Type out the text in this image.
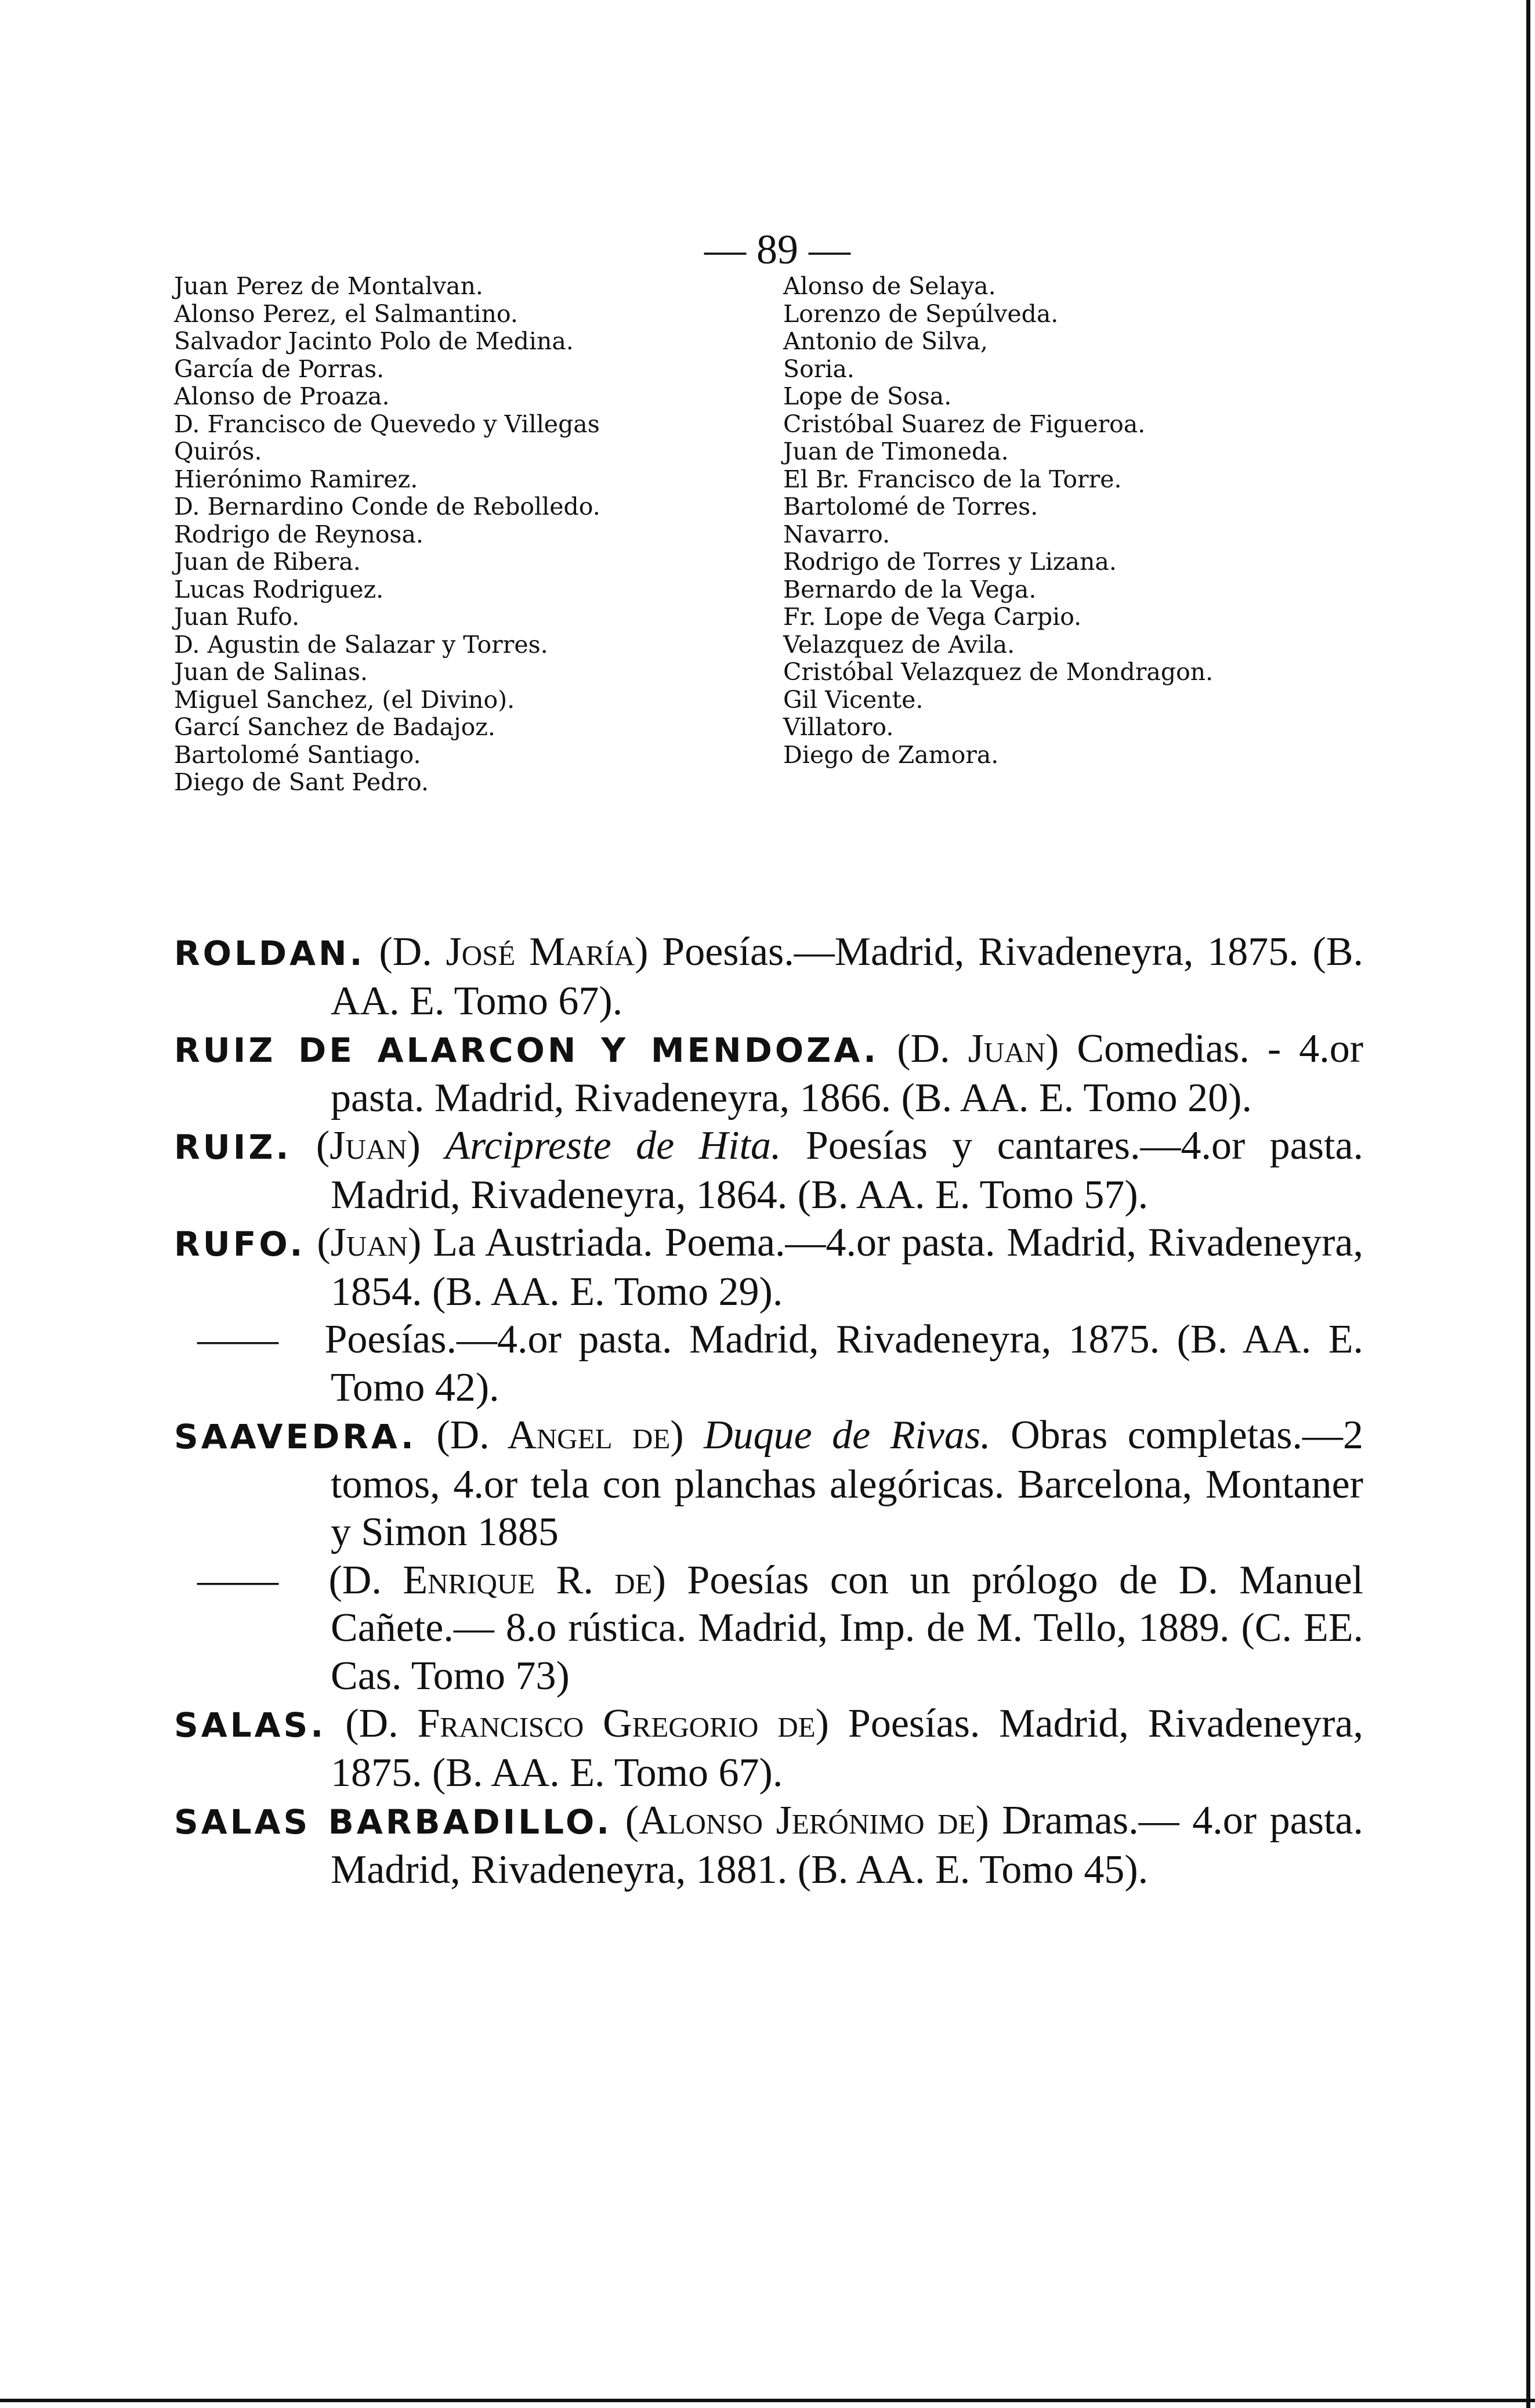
— 89 —
Juan Perez de Montalvan.
Alonso Perez, el Salmantino.
Salvador Jacinto Polo de Medina.
García de Porras.
Alonso de Proaza.
D. Francisco de Quevedo y Villegas
Quirós.
Hierónimo Ramirez.
D. Bernardino Conde de Rebolledo.
Rodrigo de Reynosa.
Juan de Ribera.
Lucas Rodriguez.
Juan Rufo.
D. Agustin de Salazar y Torres.
Juan de Salinas.
Miguel Sanchez, (el Divino).
Garcí Sanchez de Badajoz.
Bartolomé Santiago.
Diego de Sant Pedro.
Alonso de Selaya.
Lorenzo de Sepúlveda.
Antonio de Silva,
Soria.
Lope de Sosa.
Cristóbal Suarez de Figueroa.
Juan de Timoneda.
El Br. Francisco de la Torre.
Bartolomé de Torres.
Navarro.
Rodrigo de Torres y Lizana.
Bernardo de la Vega.
Fr. Lope de Vega Carpio.
Velazquez de Avila.
Cristóbal Velazquez de Mondragon.
Gil Vicente.
Villatoro.
Diego de Zamora.

ROLDAN. (D. José María) Poesías.—Madrid, Rivadeneyra, 1875. (B. AA. E. Tomo 67).

RUIZ DE ALARCON Y MENDOZA. (D. Juan) Comedias. - 4.or pasta. Madrid, Rivadeneyra, 1866. (B. AA. E. Tomo 20).

RUIZ. (Juan) Arcipreste de Hita. Poesías y cantares.—4.or pasta. Madrid, Rivadeneyra, 1864. (B. AA. E. Tomo 57).

RUFO. (Juan) La Austriada. Poema.—4.or pasta. Madrid, Rivadeneyra, 1854. (B. AA. E. Tomo 29).

—— Poesías.—4.or pasta. Madrid, Rivadeneyra, 1875. (B. AA. E. Tomo 42).

SAAVEDRA. (D. Angel de) Duque de Rivas. Obras completas.—2 tomos, 4.or tela con planchas alegóricas. Barcelona, Montaner y Simon 1885

—— (D. Enrique R. de) Poesías con un prólogo de D. Manuel Cañete.— 8.o rústica. Madrid, Imp. de M. Tello, 1889. (C. EE. Cas. Tomo 73)

SALAS. (D. Francisco Gregorio de) Poesías. Madrid, Rivadeneyra, 1875. (B. AA. E. Tomo 67).

SALAS BARBADILLO. (Alonso Jerónimo de) Dramas.— 4.or pasta. Madrid, Rivadeneyra, 1881. (B. AA. E. Tomo 45).
